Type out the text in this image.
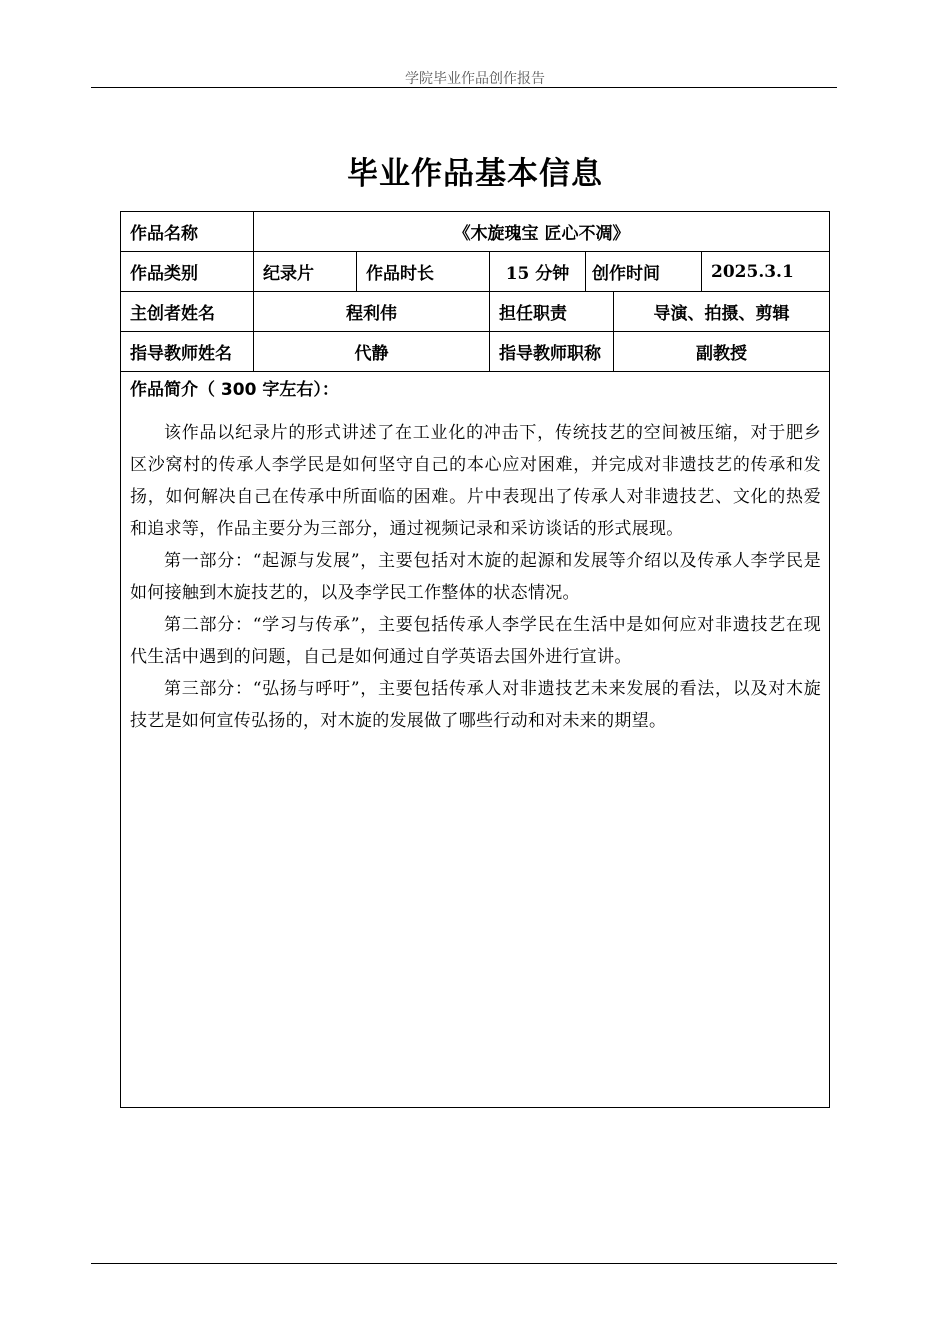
学院毕业作品创作报告
毕业作品基本信息
作品名称	《木旋瑰宝 匠心不凋》					
作品类别	纪录片	作品时长	15 分钟	创作时间		2025.3.1
主创者姓名	程利伟		担任职责		导演、拍摄、剪辑	
指导教师姓名	代静		指导教师职称		副教授	

作品简介（ 300 字左右）：

该作品以纪录片的形式讲述了在工业化的冲击下，传统技艺的空间被压缩，对于肥乡区沙窝村的传承人李学民是如何坚守自己的本心应对困难，并完成对非遗技艺的传承和发扬，如何解决自己在传承中所面临的困难。片中表现出了传承人对非遗技艺、文化的热爱和追求等，作品主要分为三部分，通过视频记录和采访谈话的形式展现。

第一部分：“起源与发展”，主要包括对木旋的起源和发展等介绍以及传承人李学民是如何接触到木旋技艺的，以及李学民工作整体的状态情况。

第二部分：“学习与传承”，主要包括传承人李学民在生活中是如何应对非遗技艺在现代生活中遇到的问题，自己是如何通过自学英语去国外进行宣讲。

第三部分：“弘扬与呼吁”，主要包括传承人对非遗技艺未来发展的看法，以及对木旋技艺是如何宣传弘扬的，对木旋的发展做了哪些行动和对未来的期望。						
